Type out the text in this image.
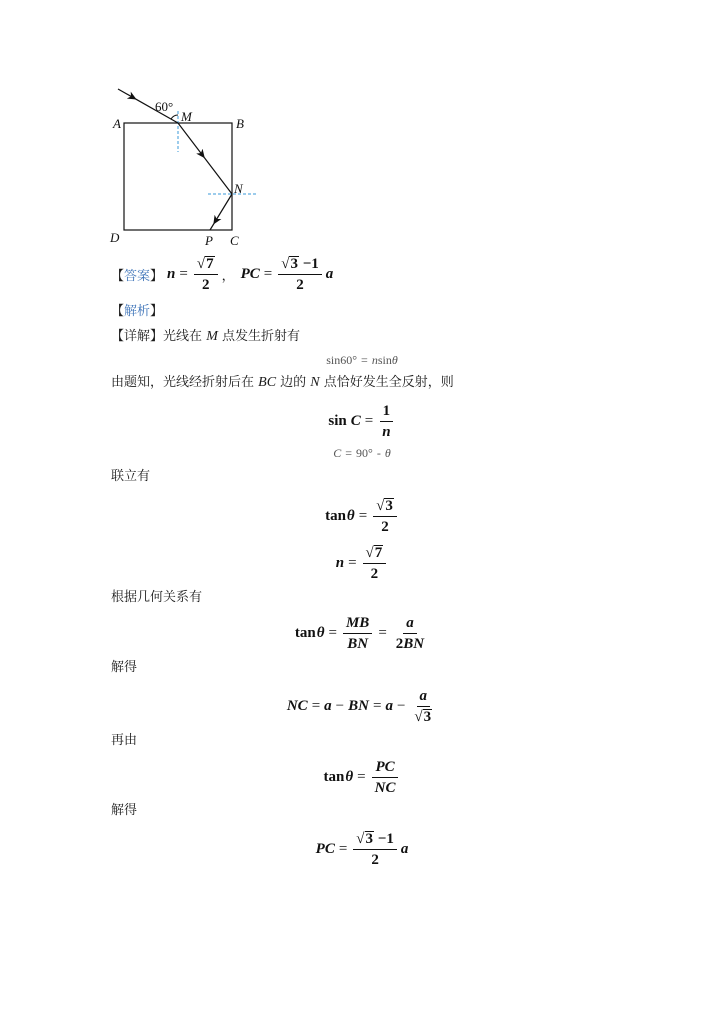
60°
M
A	B
N
D	P C
【答案】 $n = \frac{√7}{2}$ ， PC = $\frac{√3 -1}{2}$ a
【解析】
【详解】光线在 M 点发生折射有
sin60° = n sin θ
由题知，光线经折射后在 BC 边的 N 点恰好发生全反射，则
$\sin C = \frac{1}{n}$
C = 90° - θ
联立有
$\tan \theta = \frac{√3}{2}$
$n = \frac{√7}{2}$
根据几何关系有
$\tan \theta = \frac{MB}{BN} = \frac{a}{2BN}$
解得
NC = a − BN = $a - \frac{a}{√3}$
再由
$\tan \theta = \frac{PC}{NC}$
解得
PC = $\frac{√3 -1}{2}$ a
